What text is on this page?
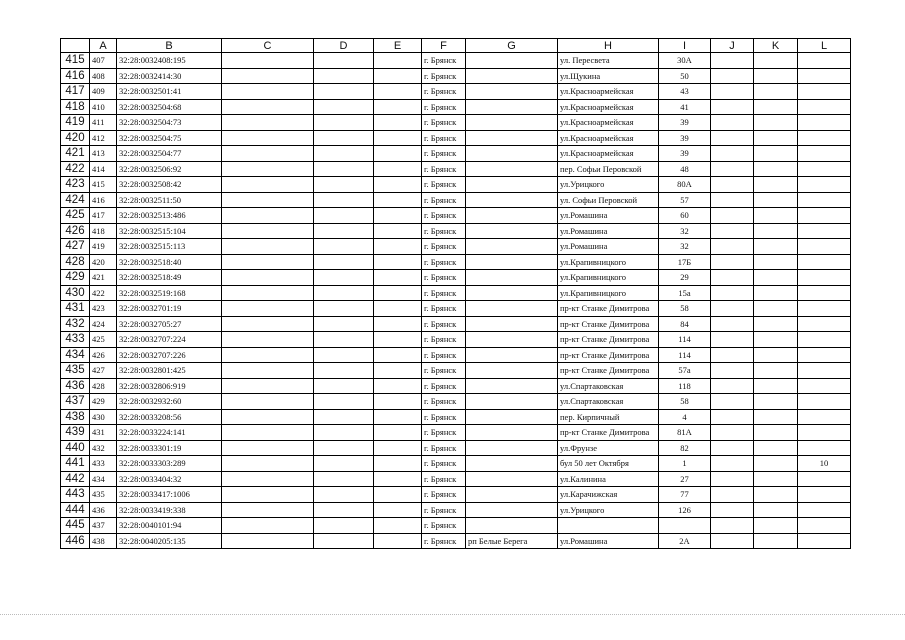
	A	B	C	D	E	F	G	H	I	J	K	L
415	407	32:28:0032408:195				г. Брянск		ул. Пересвета	30А			
416	408	32:28:0032414:30				г. Брянск		ул.Щукина	50			
417	409	32:28:0032501:41				г. Брянск		ул.Красноармейская	43			
418	410	32:28:0032504:68				г. Брянск		ул.Красноармейская	41			
419	411	32:28:0032504:73				г. Брянск		ул.Красноармейская	39			
420	412	32:28:0032504:75				г. Брянск		ул.Красноармейская	39			
421	413	32:28:0032504:77				г. Брянск		ул.Красноармейская	39			
422	414	32:28:0032506:92				г. Брянск		пер. Софьи Перовской	48			
423	415	32:28:0032508:42				г. Брянск		ул.Урицкого	80А			
424	416	32:28:0032511:50				г. Брянск		ул. Софьи Перовской	57			
425	417	32:28:0032513:486				г. Брянск		ул.Ромашина	60			
426	418	32:28:0032515:104				г. Брянск		ул.Ромашина	32			
427	419	32:28:0032515:113				г. Брянск		ул.Ромашина	32			
428	420	32:28:0032518:40				г. Брянск		ул.Крапивницкого	17Б			
429	421	32:28:0032518:49				г. Брянск		ул.Крапивницкого	29			
430	422	32:28:0032519:168				г. Брянск		ул.Крапивницкого	15а			
431	423	32:28:0032701:19				г. Брянск		пр-кт Станке Димитрова	58			
432	424	32:28:0032705:27				г. Брянск		пр-кт Станке Димитрова	84			
433	425	32:28:0032707:224				г. Брянск		пр-кт Станке Димитрова	114			
434	426	32:28:0032707:226				г. Брянск		пр-кт Станке Димитрова	114			
435	427	32:28:0032801:425				г. Брянск		пр-кт Станке Димитрова	57а			
436	428	32:28:0032806:919				г. Брянск		ул.Спартаковская	118			
437	429	32:28:0032932:60				г. Брянск		ул.Спартаковская	58			
438	430	32:28:0033208:56				г. Брянск		пер. Кирпичный	4			
439	431	32:28:0033224:141				г. Брянск		пр-кт Станке Димитрова	81А			
440	432	32:28:0033301:19				г. Брянск		ул.Фрунзе	82			
441	433	32:28:0033303:289				г. Брянск		бул 50 лет Октября	1			10
442	434	32:28:0033404:32				г. Брянск		ул.Калинина	27			
443	435	32:28:0033417:1006				г. Брянск		ул.Карачижская	77			
444	436	32:28:0033419:338				г. Брянск		ул.Урицкого	126			
445	437	32:28:0040101:94				г. Брянск						
446	438	32:28:0040205:135				г. Брянск	рп Белые Берега	ул.Ромашина	2А			
